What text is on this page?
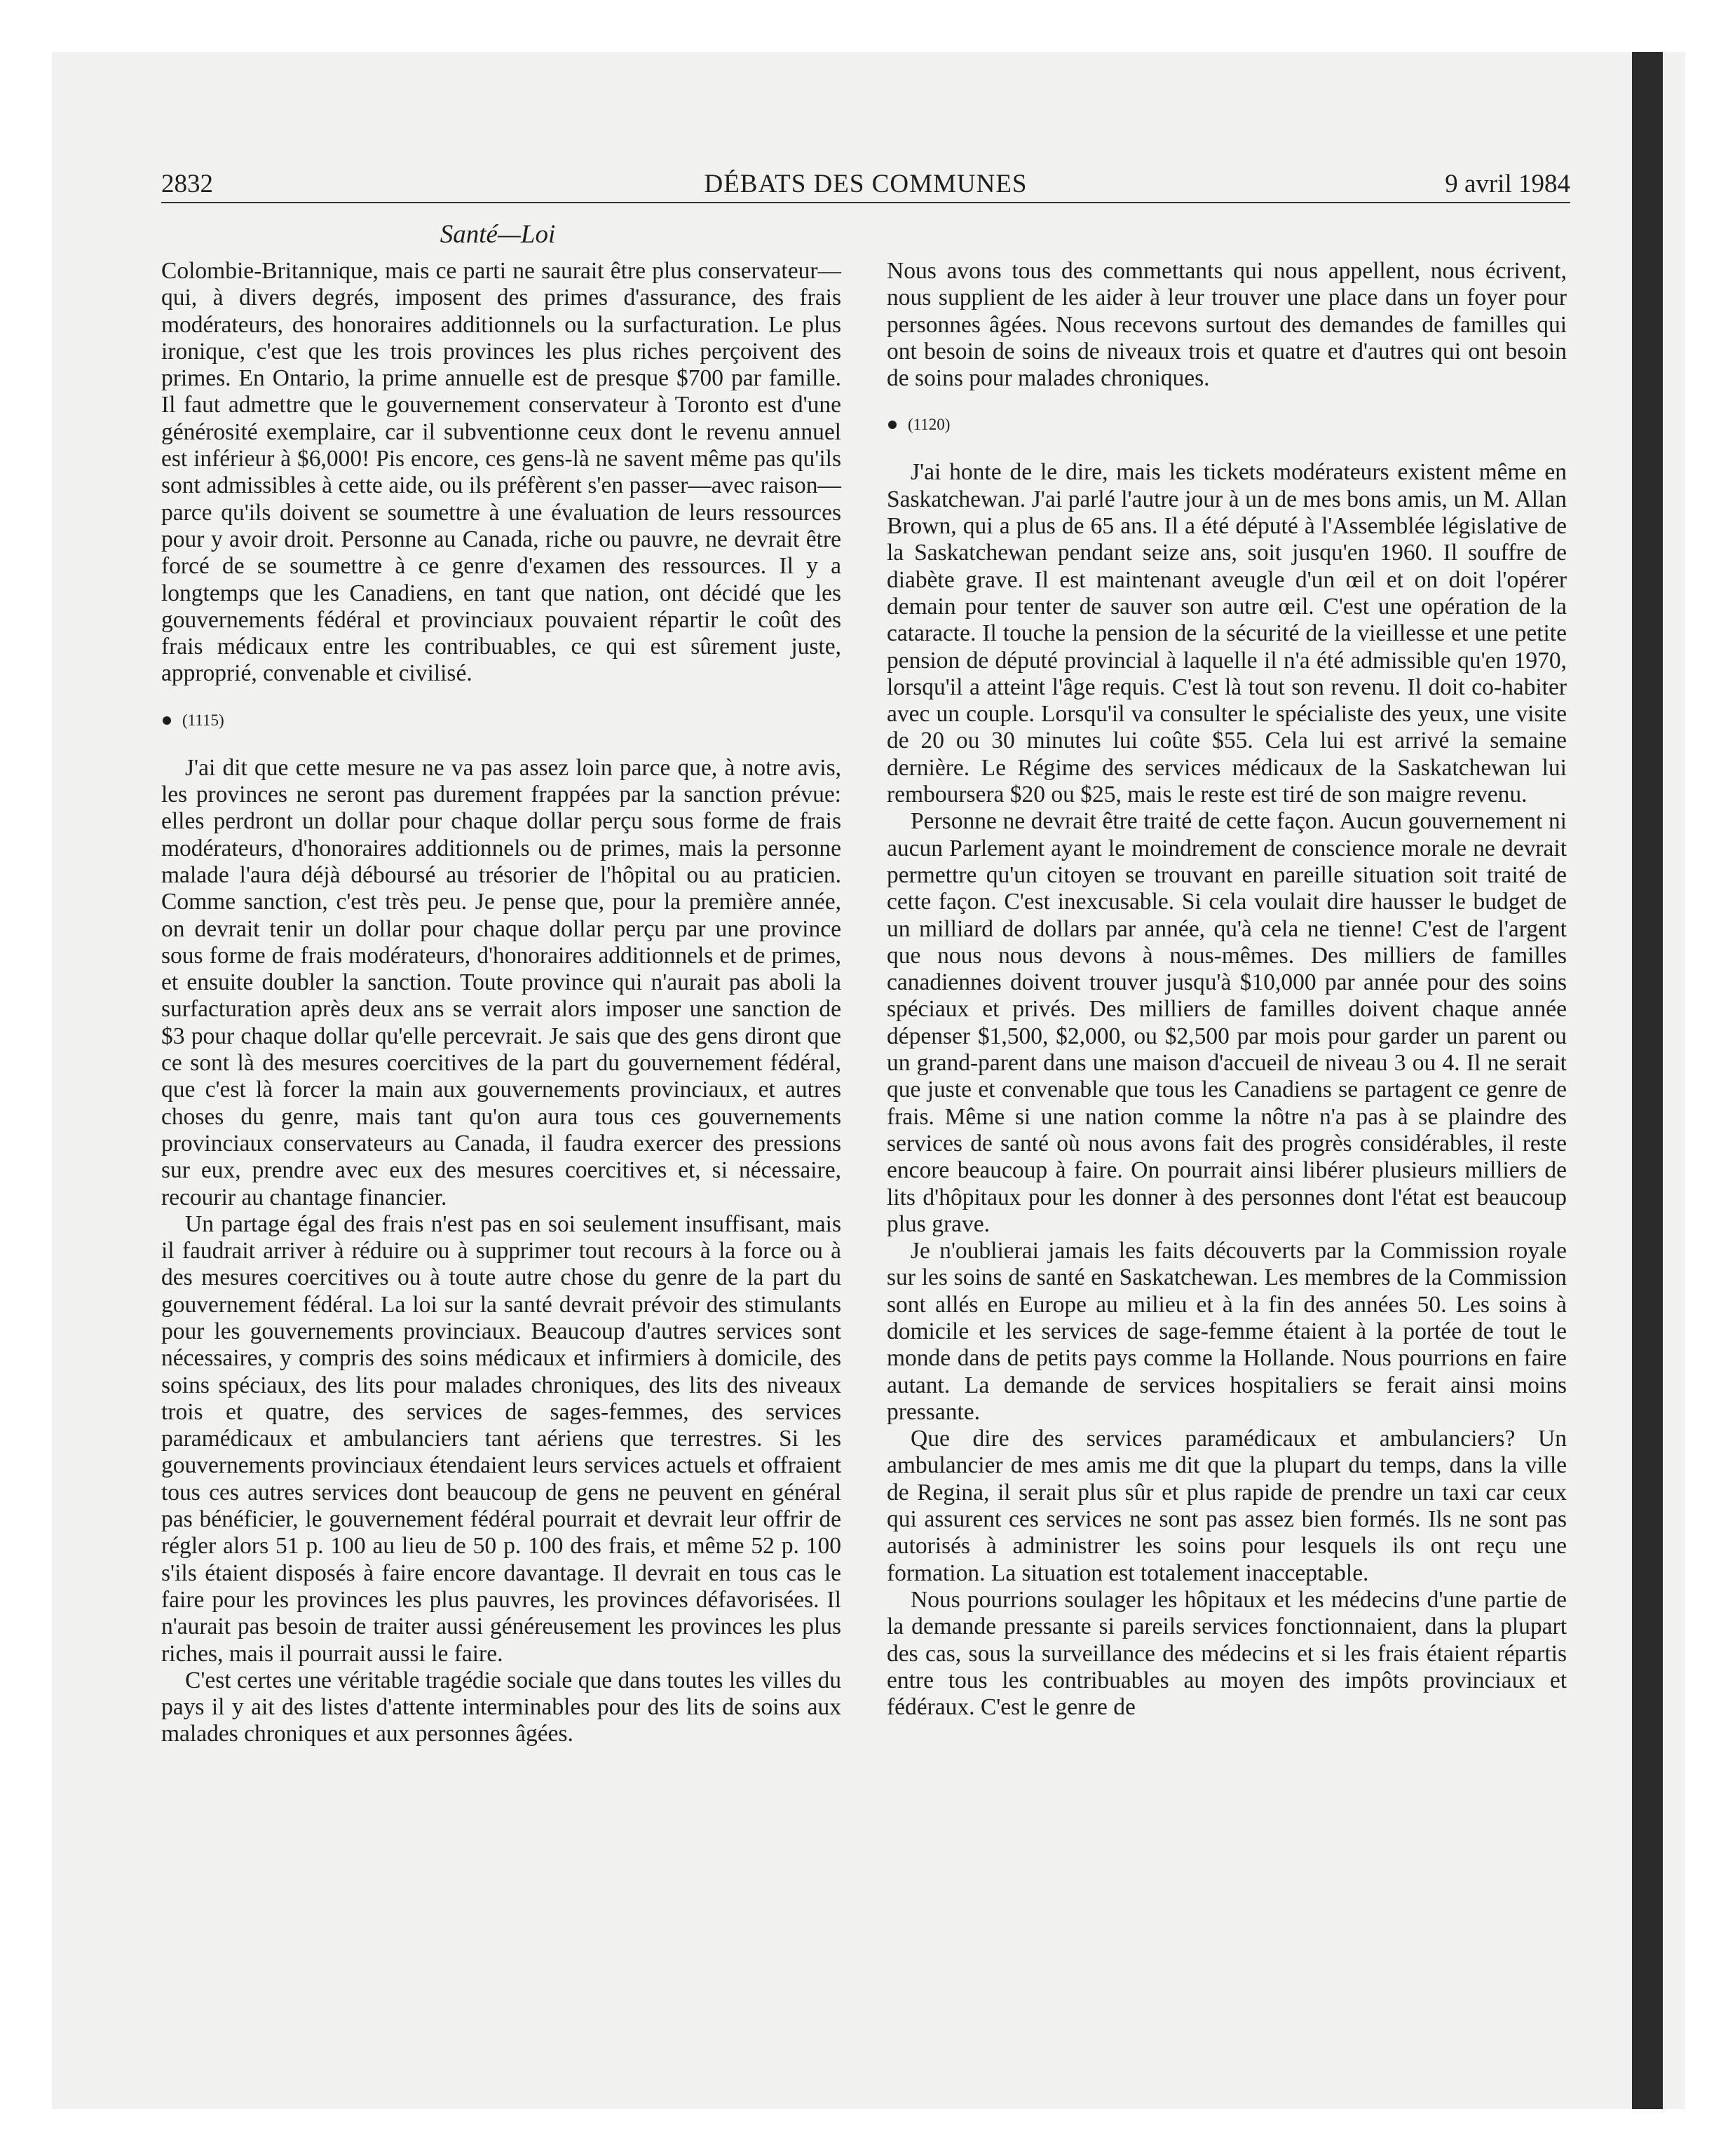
2832	DÉBATS DES COMMUNES	9 avril 1984
Santé—Loi

Colombie-Britannique, mais ce parti ne saurait être plus conservateur—qui, à divers degrés, imposent des primes d'assurance, des frais modérateurs, des honoraires additionnels ou la surfacturation. Le plus ironique, c'est que les trois provinces les plus riches perçoivent des primes. En Ontario, la prime annuelle est de presque $700 par famille. Il faut admettre que le gouvernement conservateur à Toronto est d'une générosité exemplaire, car il subventionne ceux dont le revenu annuel est inférieur à $6,000! Pis encore, ces gens-là ne savent même pas qu'ils sont admissibles à cette aide, ou ils préfèrent s'en passer—avec raison—parce qu'ils doivent se soumettre à une évaluation de leurs ressources pour y avoir droit. Personne au Canada, riche ou pauvre, ne devrait être forcé de se soumettre à ce genre d'examen des ressources. Il y a longtemps que les Canadiens, en tant que nation, ont décidé que les gouvernements fédéral et provinciaux pouvaient répartir le coût des frais médicaux entre les contribuables, ce qui est sûrement juste, approprié, convenable et civilisé.

(1115)

J'ai dit que cette mesure ne va pas assez loin parce que, à notre avis, les provinces ne seront pas durement frappées par la sanction prévue: elles perdront un dollar pour chaque dollar perçu sous forme de frais modérateurs, d'honoraires additionnels ou de primes, mais la personne malade l'aura déjà déboursé au trésorier de l'hôpital ou au praticien. Comme sanction, c'est très peu. Je pense que, pour la première année, on devrait tenir un dollar pour chaque dollar perçu par une province sous forme de frais modérateurs, d'honoraires additionnels et de primes, et ensuite doubler la sanction. Toute province qui n'aurait pas aboli la surfacturation après deux ans se verrait alors imposer une sanction de $3 pour chaque dollar qu'elle percevrait. Je sais que des gens diront que ce sont là des mesures coercitives de la part du gouvernement fédéral, que c'est là forcer la main aux gouvernements provinciaux, et autres choses du genre, mais tant qu'on aura tous ces gouvernements provinciaux conservateurs au Canada, il faudra exercer des pressions sur eux, prendre avec eux des mesures coercitives et, si nécessaire, recourir au chantage financier.

Un partage égal des frais n'est pas en soi seulement insuffisant, mais il faudrait arriver à réduire ou à supprimer tout recours à la force ou à des mesures coercitives ou à toute autre chose du genre de la part du gouvernement fédéral. La loi sur la santé devrait prévoir des stimulants pour les gouvernements provinciaux. Beaucoup d'autres services sont nécessaires, y compris des soins médicaux et infirmiers à domicile, des soins spéciaux, des lits pour malades chroniques, des lits des niveaux trois et quatre, des services de sages-femmes, des services paramédicaux et ambulanciers tant aériens que terrestres. Si les gouvernements provinciaux étendaient leurs services actuels et offraient tous ces autres services dont beaucoup de gens ne peuvent en général pas bénéficier, le gouvernement fédéral pourrait et devrait leur offrir de régler alors 51 p. 100 au lieu de 50 p. 100 des frais, et même 52 p. 100 s'ils étaient disposés à faire encore davantage. Il devrait en tous cas le faire pour les provinces les plus pauvres, les provinces défavorisées. Il n'aurait pas besoin de traiter aussi généreusement les provinces les plus riches, mais il pourrait aussi le faire.

C'est certes une véritable tragédie sociale que dans toutes les villes du pays il y ait des listes d'attente interminables pour des lits de soins aux malades chroniques et aux personnes âgées.

Nous avons tous des commettants qui nous appellent, nous écrivent, nous supplient de les aider à leur trouver une place dans un foyer pour personnes âgées. Nous recevons surtout des demandes de familles qui ont besoin de soins de niveaux trois et quatre et d'autres qui ont besoin de soins pour malades chroniques.

(1120)

J'ai honte de le dire, mais les tickets modérateurs existent même en Saskatchewan. J'ai parlé l'autre jour à un de mes bons amis, un M. Allan Brown, qui a plus de 65 ans. Il a été député à l'Assemblée législative de la Saskatchewan pendant seize ans, soit jusqu'en 1960. Il souffre de diabète grave. Il est maintenant aveugle d'un œil et on doit l'opérer demain pour tenter de sauver son autre œil. C'est une opération de la cataracte. Il touche la pension de la sécurité de la vieillesse et une petite pension de député provincial à laquelle il n'a été admissible qu'en 1970, lorsqu'il a atteint l'âge requis. C'est là tout son revenu. Il doit co-habiter avec un couple. Lorsqu'il va consulter le spécialiste des yeux, une visite de 20 ou 30 minutes lui coûte $55. Cela lui est arrivé la semaine dernière. Le Régime des services médicaux de la Saskatchewan lui remboursera $20 ou $25, mais le reste est tiré de son maigre revenu.

Personne ne devrait être traité de cette façon. Aucun gouvernement ni aucun Parlement ayant le moindrement de conscience morale ne devrait permettre qu'un citoyen se trouvant en pareille situation soit traité de cette façon. C'est inexcusable. Si cela voulait dire hausser le budget de un milliard de dollars par année, qu'à cela ne tienne! C'est de l'argent que nous nous devons à nous-mêmes. Des milliers de familles canadiennes doivent trouver jusqu'à $10,000 par année pour des soins spéciaux et privés. Des milliers de familles doivent chaque année dépenser $1,500, $2,000, ou $2,500 par mois pour garder un parent ou un grand-parent dans une maison d'accueil de niveau 3 ou 4. Il ne serait que juste et convenable que tous les Canadiens se partagent ce genre de frais. Même si une nation comme la nôtre n'a pas à se plaindre des services de santé où nous avons fait des progrès considérables, il reste encore beaucoup à faire. On pourrait ainsi libérer plusieurs milliers de lits d'hôpitaux pour les donner à des personnes dont l'état est beaucoup plus grave.

Je n'oublierai jamais les faits découverts par la Commission royale sur les soins de santé en Saskatchewan. Les membres de la Commission sont allés en Europe au milieu et à la fin des années 50. Les soins à domicile et les services de sage-femme étaient à la portée de tout le monde dans de petits pays comme la Hollande. Nous pourrions en faire autant. La demande de services hospitaliers se ferait ainsi moins pressante.

Que dire des services paramédicaux et ambulanciers? Un ambulancier de mes amis me dit que la plupart du temps, dans la ville de Regina, il serait plus sûr et plus rapide de prendre un taxi car ceux qui assurent ces services ne sont pas assez bien formés. Ils ne sont pas autorisés à administrer les soins pour lesquels ils ont reçu une formation. La situation est totalement inacceptable.

Nous pourrions soulager les hôpitaux et les médecins d'une partie de la demande pressante si pareils services fonctionnaient, dans la plupart des cas, sous la surveillance des médecins et si les frais étaient répartis entre tous les contribuables au moyen des impôts provinciaux et fédéraux. C'est le genre de
